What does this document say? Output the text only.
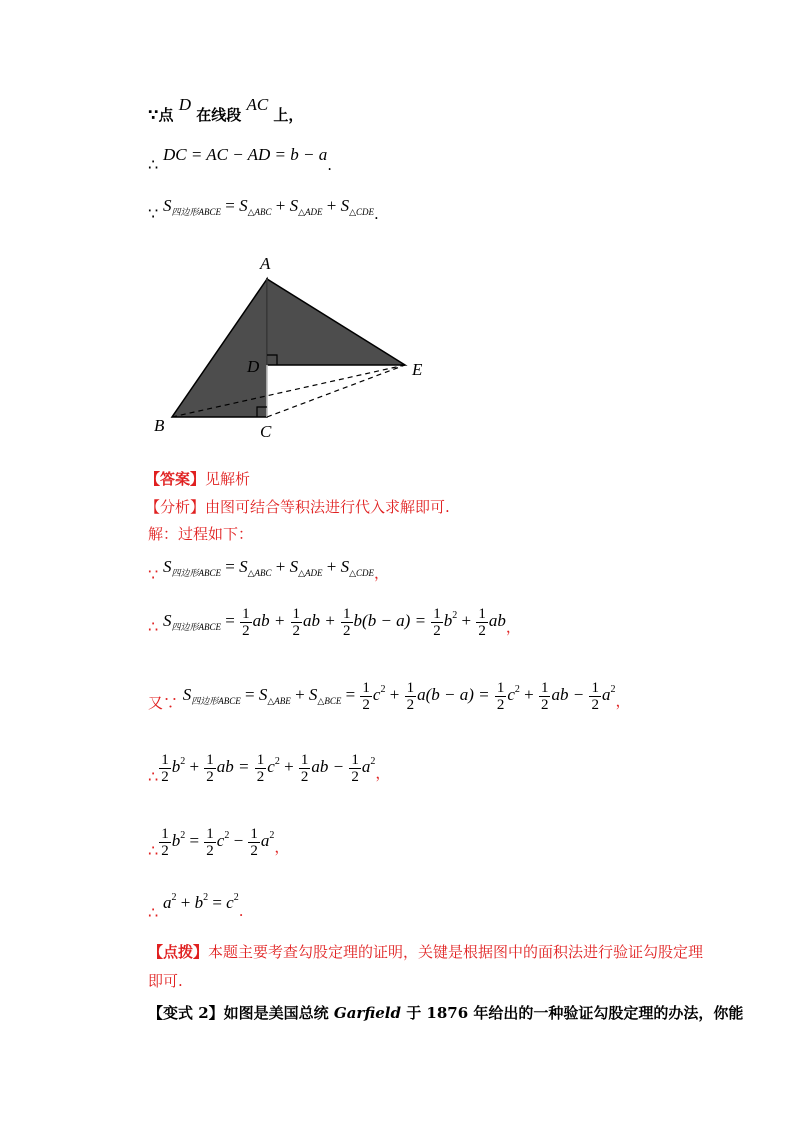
∵点 D 在线段 AC 上，
∴ DC = AC − AD = b − a.
∵ $S_{四边形ABCE} = S_{\triangle ABC} + S_{\triangle ADE} + S_{\triangle CDE}$.
A
B	C
D	E
【答案】见解析
【分析】由图可结合等积法进行代入求解即可.
解：过程如下：
∵ $S_{四边形ABCE} = S_{\triangle ABC} + S_{\triangle ADE} + S_{\triangle CDE}$，
∴ $S_{四边形ABCE} = \frac{1}{2}$ ab + $\frac{1}{2}$ ab + $\frac{1}{2} b(b - a) = \frac{1}{2} b^2 + \frac{1}{2}$ ab，
又∵ $S_{四边形ABCE} = S_{\triangle ABE} + S_{\triangle BCE} = \frac{1}{2} c^2 + \frac{1}{2} a(b - a) = \frac{1}{2} c^2 + \frac{1}{2}$ ab − $\frac{1}{2} a^2$，
∴ $\frac{1}{2} b^2 + \frac{1}{2}$ ab = $\frac{1}{2} c^2 + \frac{1}{2}$ ab − $\frac{1}{2} a^2$，
∴ $\frac{1}{2} b^2 = \frac{1}{2} c^2 - \frac{1}{2} a^2$，
∴ $a^2 + b^2 = c^2$.
【点拨】本题主要考查勾股定理的证明，关键是根据图中的面积法进行验证勾股定理
即可.
【变式 2】如图是美国总统 Garfield 于 1876 年给出的一种验证勾股定理的办法，你能
